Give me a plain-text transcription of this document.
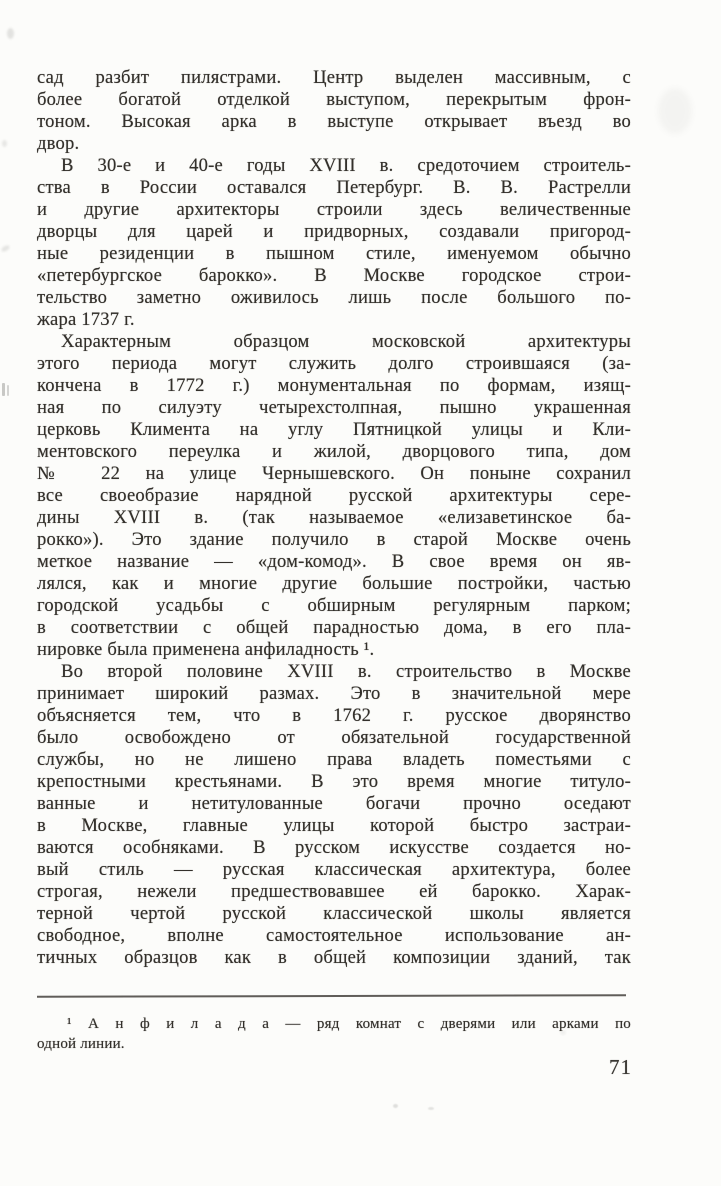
сад разбит пилястрами. Центр выделен массивным, с
более богатой отделкой выступом, перекрытым фрон-
тоном. Высокая арка в выступе открывает въезд во
двор.
В 30-е и 40-е годы XVIII в. средоточием строитель-
ства в России оставался Петербург. В. В. Растрелли
и другие архитекторы строили здесь величественные
дворцы для царей и придворных, создавали пригород-
ные резиденции в пышном стиле, именуемом обычно
«петербургское барокко». В Москве городское строи-
тельство заметно оживилось лишь после большого по-
жара 1737 г.
Характерным образцом московской архитектуры
этого периода могут служить долго строившаяся (за-
кончена в 1772 г.) монументальная по формам, изящ-
ная по силуэту четырехстолпная, пышно украшенная
церковь Климента на углу Пятницкой улицы и Кли-
ментовского переулка и жилой, дворцового типа, дом
№ 22 на улице Чернышевского. Он поныне сохранил
все своеобразие нарядной русской архитектуры сере-
дины XVIII в. (так называемое «елизаветинское ба-
рокко»). Это здание получило в старой Москве очень
меткое название — «дом-комод». В свое время он яв-
лялся, как и многие другие большие постройки, частью
городской усадьбы с обширным регулярным парком;
в соответствии с общей парадностью дома, в его пла-
нировке была применена анфиладность ¹.
Во второй половине XVIII в. строительство в Москве
принимает широкий размах. Это в значительной мере
объясняется тем, что в 1762 г. русское дворянство
было освобождено от обязательной государственной
службы, но не лишено права владеть поместьями с
крепостными крестьянами. В это время многие титуло-
ванные и нетитулованные богачи прочно оседают
в Москве, главные улицы которой быстро застраи-
ваются особняками. В русском искусстве создается но-
вый стиль — русская классическая архитектура, более
строгая, нежели предшествовавшее ей барокко. Харак-
терной чертой русской классической школы является
свободное, вполне самостоятельное использование ан-
тичных образцов как в общей композиции зданий, так
¹ А н ф и л а д а — ряд комнат с дверями или арками по
одной линии.
71
